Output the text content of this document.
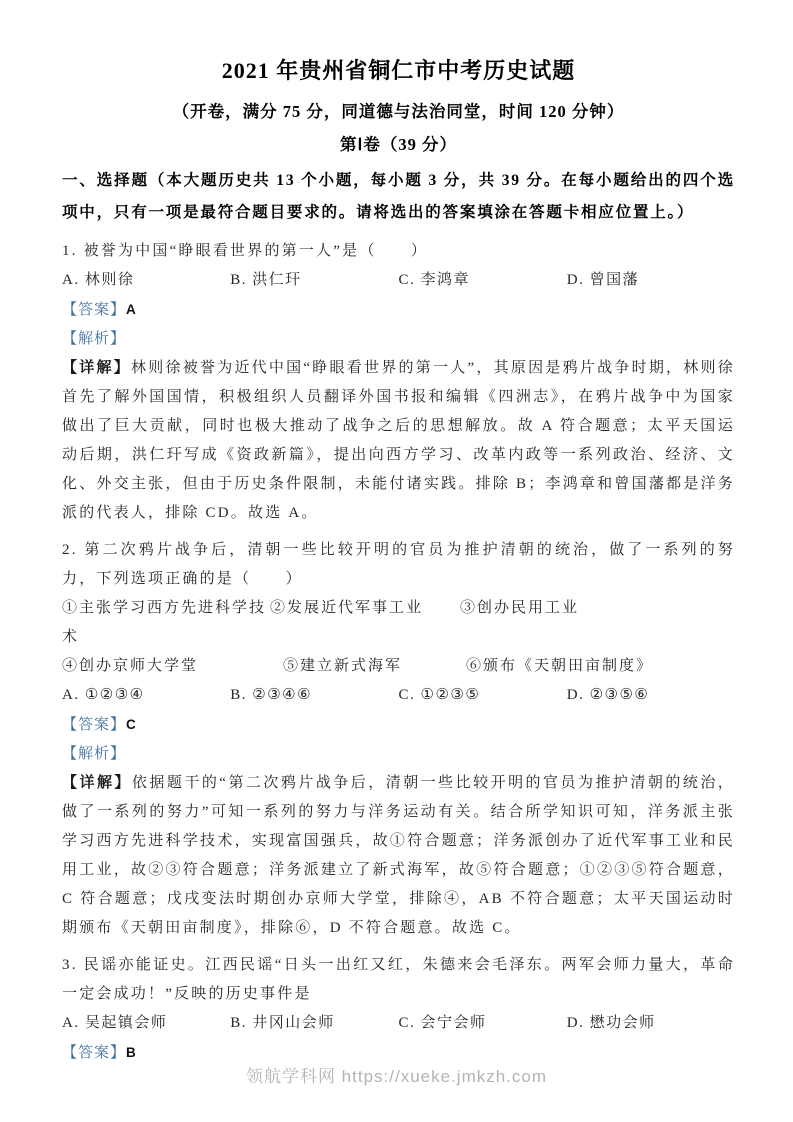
2021 年贵州省铜仁市中考历史试题
（开卷，满分 75 分，同道德与法治同堂，时间 120 分钟）
第Ⅰ卷（39 分）

一、选择题（本大题历史共 13 个小题，每小题 3 分，共 39 分。在每小题给出的四个选项中，只有一项是最符合题目要求的。请将选出的答案填涂在答题卡相应位置上。）

1. 被誉为中国“睁眼看世界的第一人”是（　　）

A. 林则徐	B. 洪仁玕	C. 李鸿章	D. 曾国藩

【答案】A

【解析】

【详解】林则徐被誉为近代中国“睁眼看世界的第一人”，其原因是鸦片战争时期，林则徐首先了解外国国情，积极组织人员翻译外国书报和编辑《四洲志》，在鸦片战争中为国家做出了巨大贡献，同时也极大推动了战争之后的思想解放。故 A 符合题意；太平天国运动后期，洪仁玕写成《资政新篇》，提出向西方学习、改革内政等一系列政治、经济、文化、外交主张，但由于历史条件限制，未能付诸实践。排除 B；李鸿章和曾国藩都是洋务派的代表人，排除 CD。故选 A。

2. 第二次鸦片战争后，清朝一些比较开明的官员为推护清朝的统治，做了一系列的努力，下列选项正确的是（　　）

①主张学习西方先进科学技术
②发展近代军事工业	③创办民用工业
④创办京师大学堂	⑤建立新式海军	⑥颁布《天朝田亩制度》
A. ①②③④	B. ②③④⑥	C. ①②③⑤	D. ②③⑤⑥

【答案】C

【解析】

【详解】依据题干的“第二次鸦片战争后，清朝一些比较开明的官员为推护清朝的统治，做了一系列的努力”可知一系列的努力与洋务运动有关。结合所学知识可知，洋务派主张学习西方先进科学技术，实现富国强兵，故①符合题意；洋务派创办了近代军事工业和民用工业，故②③符合题意；洋务派建立了新式海军，故⑤符合题意；①②③⑤符合题意，C 符合题意；戊戌变法时期创办京师大学堂，排除④，AB 不符合题意；太平天国运动时期颁布《天朝田亩制度》，排除⑥，D 不符合题意。故选 C。

3. 民谣亦能证史。江西民谣“日头一出红又红，朱德来会毛泽东。两军会师力量大，革命一定会成功！”反映的历史事件是

A. 吴起镇会师	B. 井冈山会师	C. 会宁会师	D. 懋功会师

【答案】B

领航学科网 https://xueke.jmkzh.com
